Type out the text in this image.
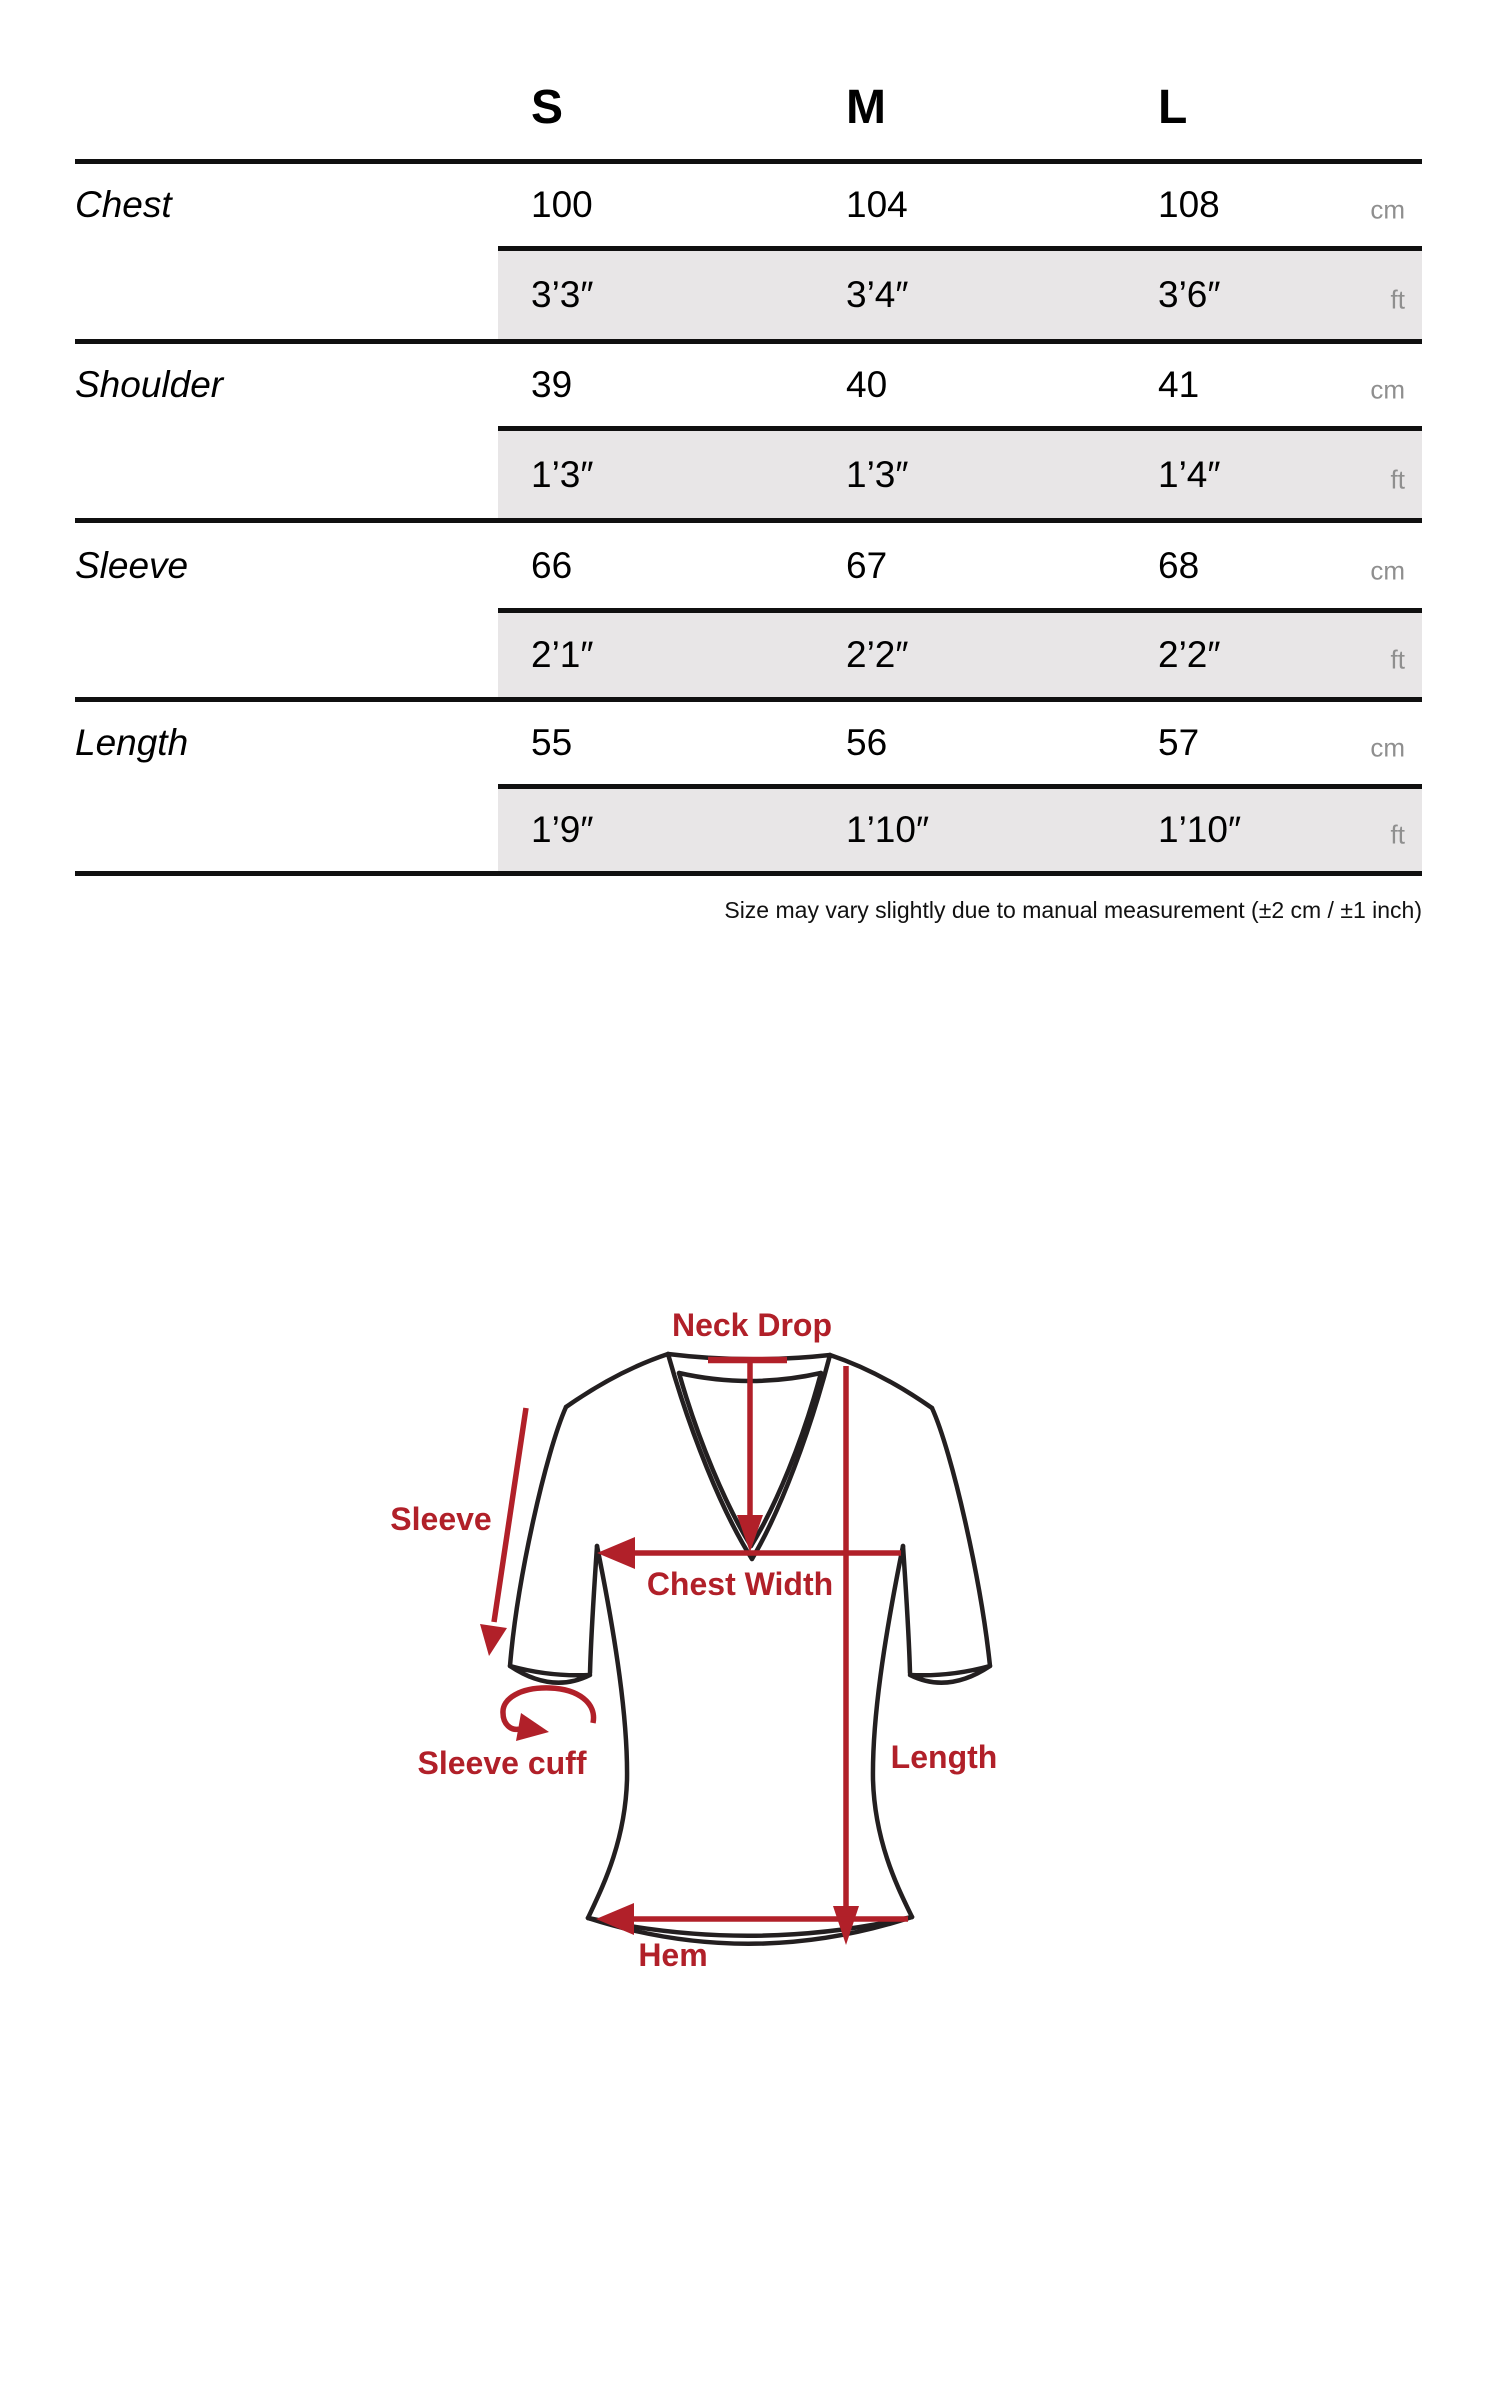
S	M	L
Chest	100	104	108	cm
3’3″	3’4″	3’6″	ft
Shoulder	39	40	41	cm
1’3″	1’3″	1’4″	ft
Sleeve	66	67	68	cm
2’1″	2’2″	2’2″	ft
Length	55	56	57	cm
1’9″	1’10″	1’10″	ft
Size may vary slightly due to manual measurement (±2 cm / ±1 inch)
Neck Drop
Sleeve
Chest Width
Sleeve cuff	Length
Hem
